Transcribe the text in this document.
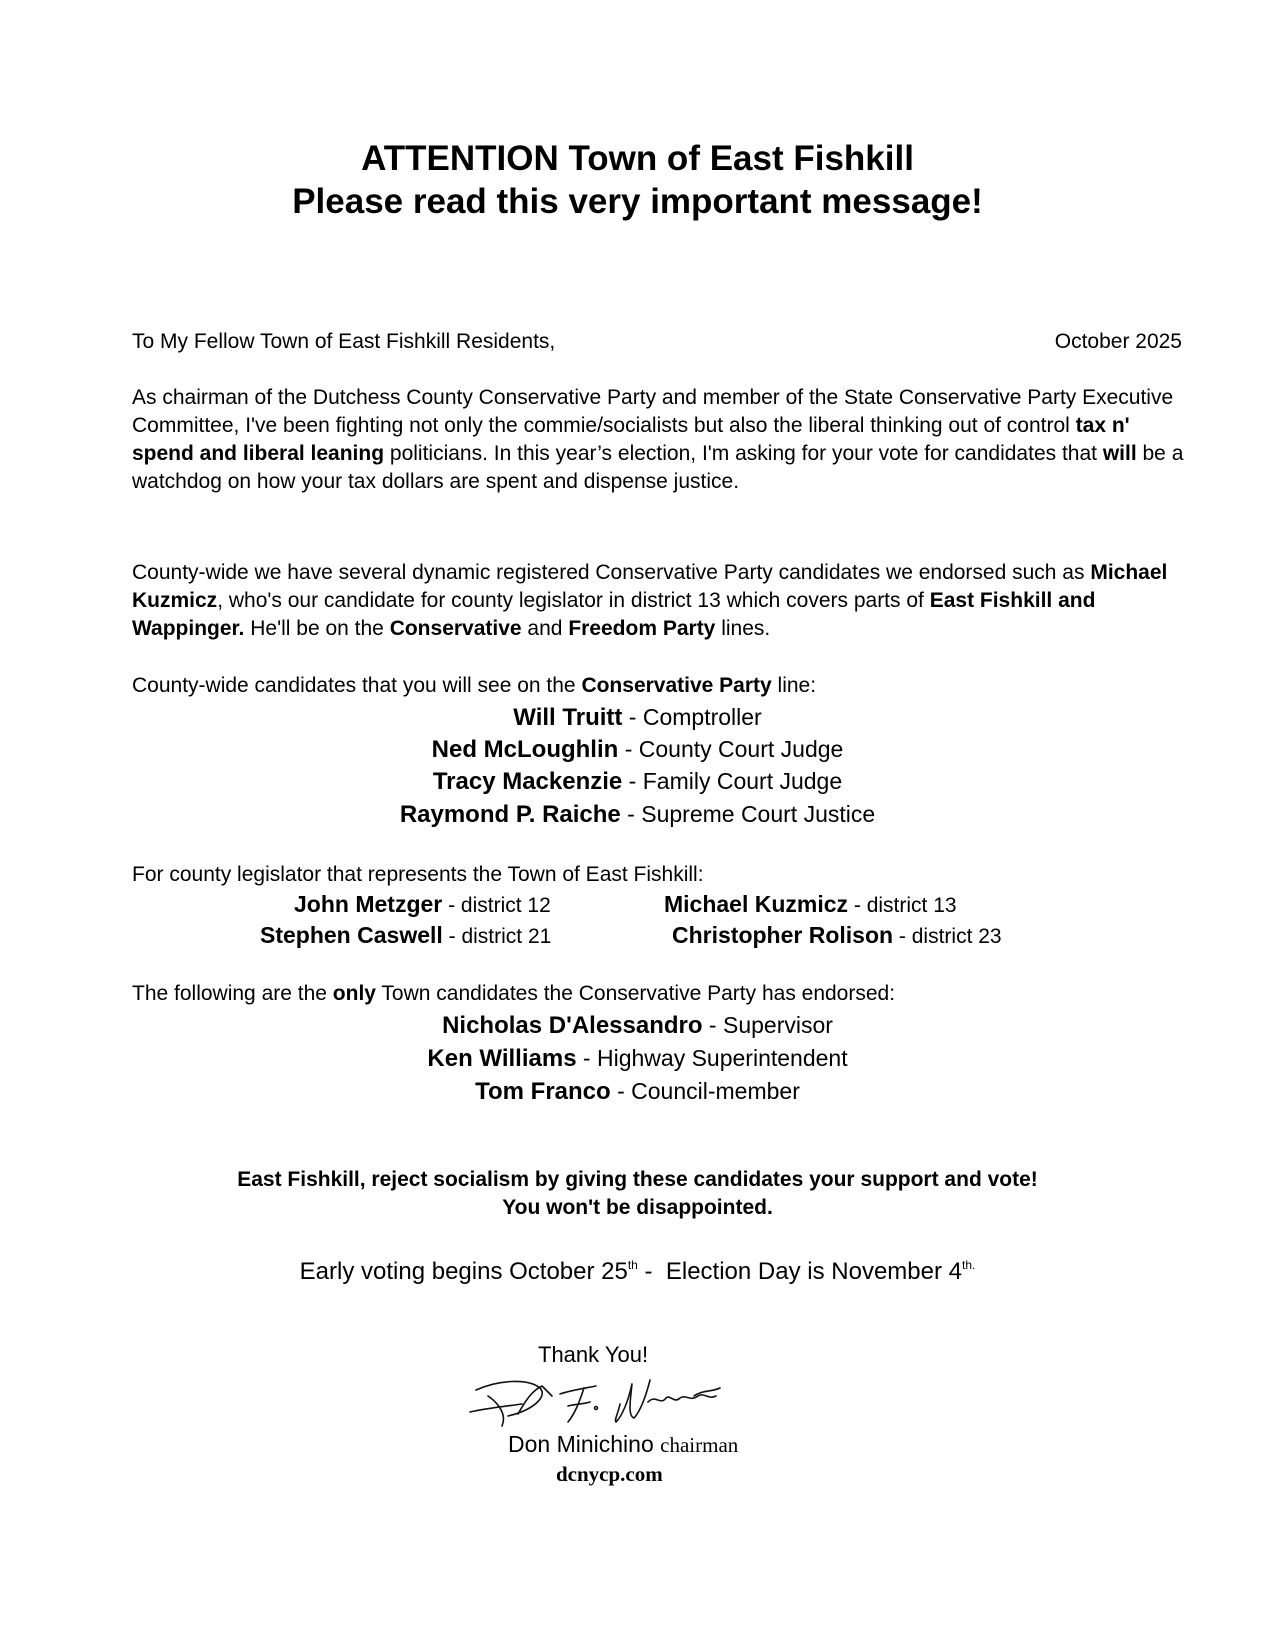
ATTENTION Town of East Fishkill
Please read this very important message!
To My Fellow Town of East Fishkill Residents,	October 2025

As chairman of the Dutchess County Conservative Party and member of the State Conservative Party Executive Committee, I've been fighting not only the commie/socialists but also the liberal thinking out of control tax n' spend and liberal leaning politicians. In this year’s election, I'm asking for your vote for candidates that will be a watchdog on how your tax dollars are spent and dispense justice.

County-wide we have several dynamic registered Conservative Party candidates we endorsed such as Michael Kuzmicz, who's our candidate for county legislator in district 13 which covers parts of East Fishkill and Wappinger. He'll be on the Conservative and Freedom Party lines.

County-wide candidates that you will see on the Conservative Party line:

Will Truitt - Comptroller
Ned McLoughlin - County Court Judge
Tracy Mackenzie - Family Court Judge
Raymond P. Raiche - Supreme Court Justice

For county legislator that represents the Town of East Fishkill:

John Metzger - district 12	Michael Kuzmicz - district 13
Stephen Caswell - district 21	Christopher Rolison - district 23

The following are the only Town candidates the Conservative Party has endorsed:

Nicholas D'Alessandro - Supervisor
Ken Williams - Highway Superintendent
Tom Franco - Council-member
East Fishkill, reject socialism by giving these candidates your support and vote!
You won't be disappointed.
Early voting begins October 25th -  Election Day is November $4^{th.}$
Thank You!
Don Minichino chairman
dcnycp.com
